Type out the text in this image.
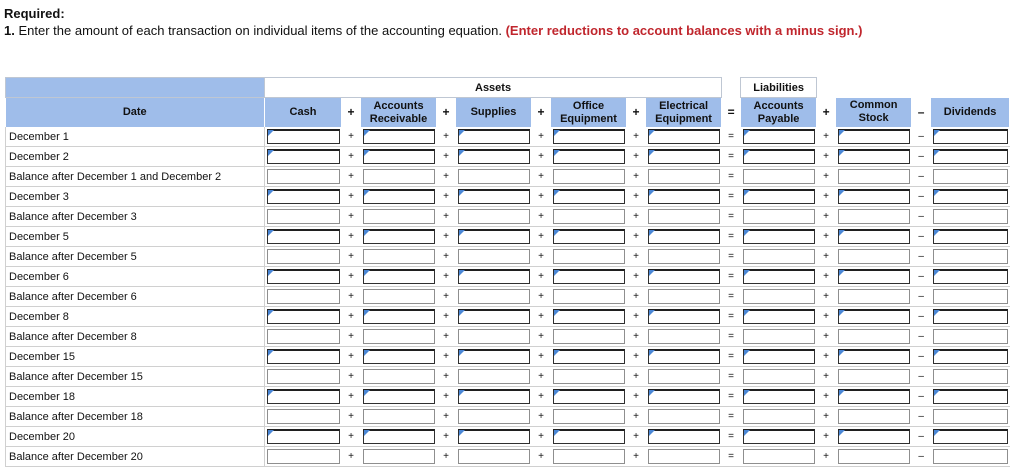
Required:
1. Enter the amount of each transaction on individual items of the accounting equation. (Enter reductions to account balances with a minus sign.)
	Assets										Liabilities				
Date	Cash	+	Accounts Receivable	+	Supplies	+	Office Equipment	+	Electrical Equipment	=	Accounts Payable	+	Common Stock	–	Dividends
December 1		+		+		+		+		=		+		–	

December 2		+		+		+		+		=		+		–	

Balance after December 1 and December 2		+		+		+		+		=		+		–	

December 3		+		+		+		+		=		+		–	

Balance after December 3		+		+		+		+		=		+		–	

December 5		+		+		+		+		=		+		–	

Balance after December 5		+		+		+		+		=		+		–	

December 6		+		+		+		+		=		+		–	

Balance after December 6		+		+		+		+		=		+		–	

December 8		+		+		+		+		=		+		–	

Balance after December 8		+		+		+		+		=		+		–	

December 15		+		+		+		+		=		+		–	

Balance after December 15		+		+		+		+		=		+		–	

December 18		+		+		+		+		=		+		–	

Balance after December 18		+		+		+		+		=		+		–	

December 20		+		+		+		+		=		+		–	

Balance after December 20		+		+		+		+		=		+		–	
